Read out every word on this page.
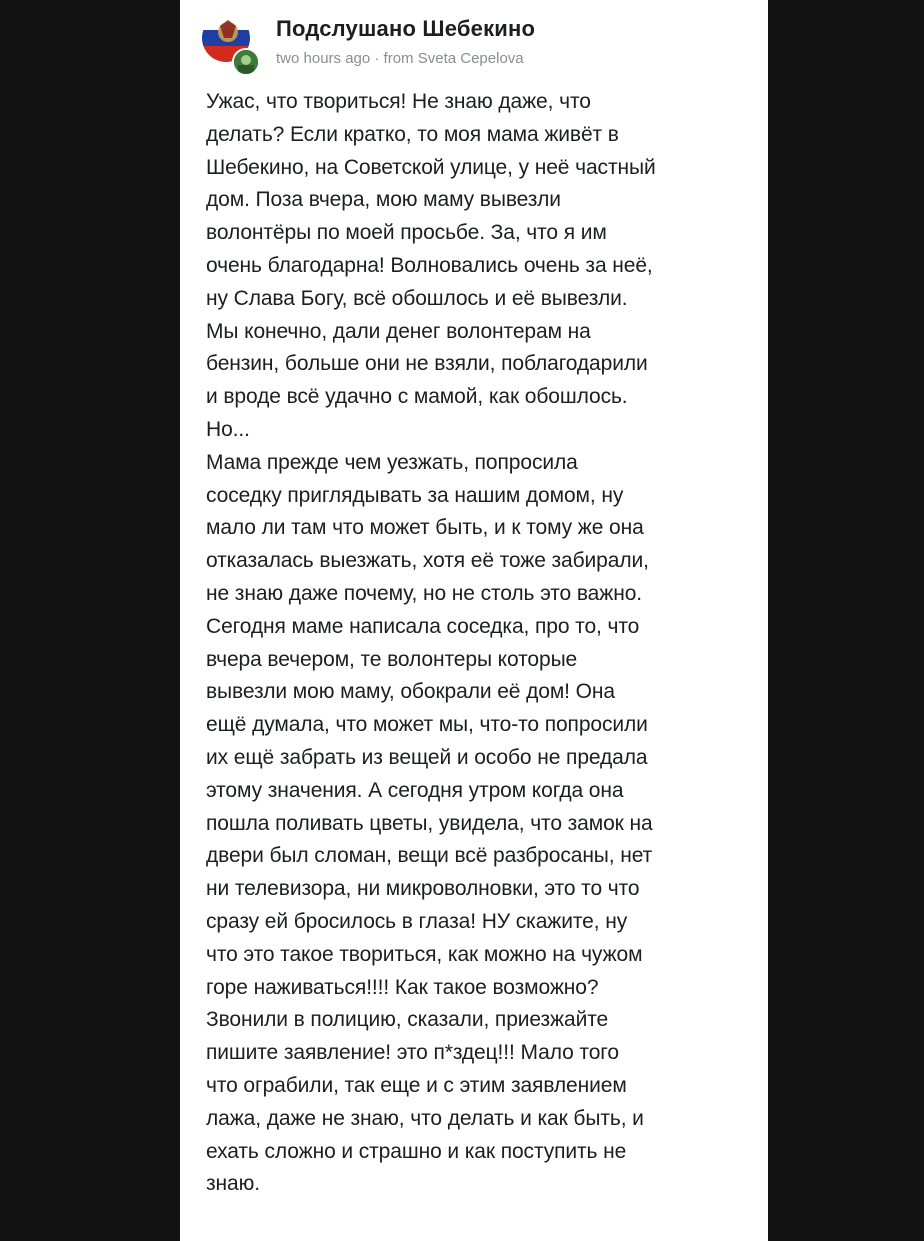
Подслушано Шебекино
two hours ago · from Sveta Cepelova

Ужас, что твориться! Не знаю даже, что
делать? Если кратко, то моя мама живёт в
Шебекино, на Советской улице, у неё частный
дом. Поза вчера, мою маму вывезли
волонтёры по моей просьбе. За, что я им
очень благодарна! Волновались очень за неё,
ну Слава Богу, всё обошлось и её вывезли.
Мы конечно, дали денег волонтерам на
бензин, больше они не взяли, поблагодарили
и вроде всё удачно с мамой, как обошлось.
Но...

Мама прежде чем уезжать, попросила
соседку приглядывать за нашим домом, ну
мало ли там что может быть, и к тому же она
отказалась выезжать, хотя её тоже забирали,
не знаю даже почему, но не столь это важно.
Сегодня маме написала соседка, про то, что
вчера вечером, те волонтеры которые
вывезли мою маму, обокрали её дом! Она
ещё думала, что может мы, что-то попросили
их ещё забрать из вещей и особо не предала
этому значения. А сегодня утром когда она
пошла поливать цветы, увидела, что замок на
двери был сломан, вещи всё разбросаны, нет
ни телевизора, ни микроволновки, это то что
сразу ей бросилось в глаза! НУ скажите, ну
что это такое твориться, как можно на чужом
горе наживаться!!!! Как такое возможно?
Звонили в полицию, сказали, приезжайте
пишите заявление! это п*здец!!! Мало того
что ограбили, так еще и с этим заявлением
лажа, даже не знаю, что делать и как быть, и
ехать сложно и страшно и как поступить не
знаю.
